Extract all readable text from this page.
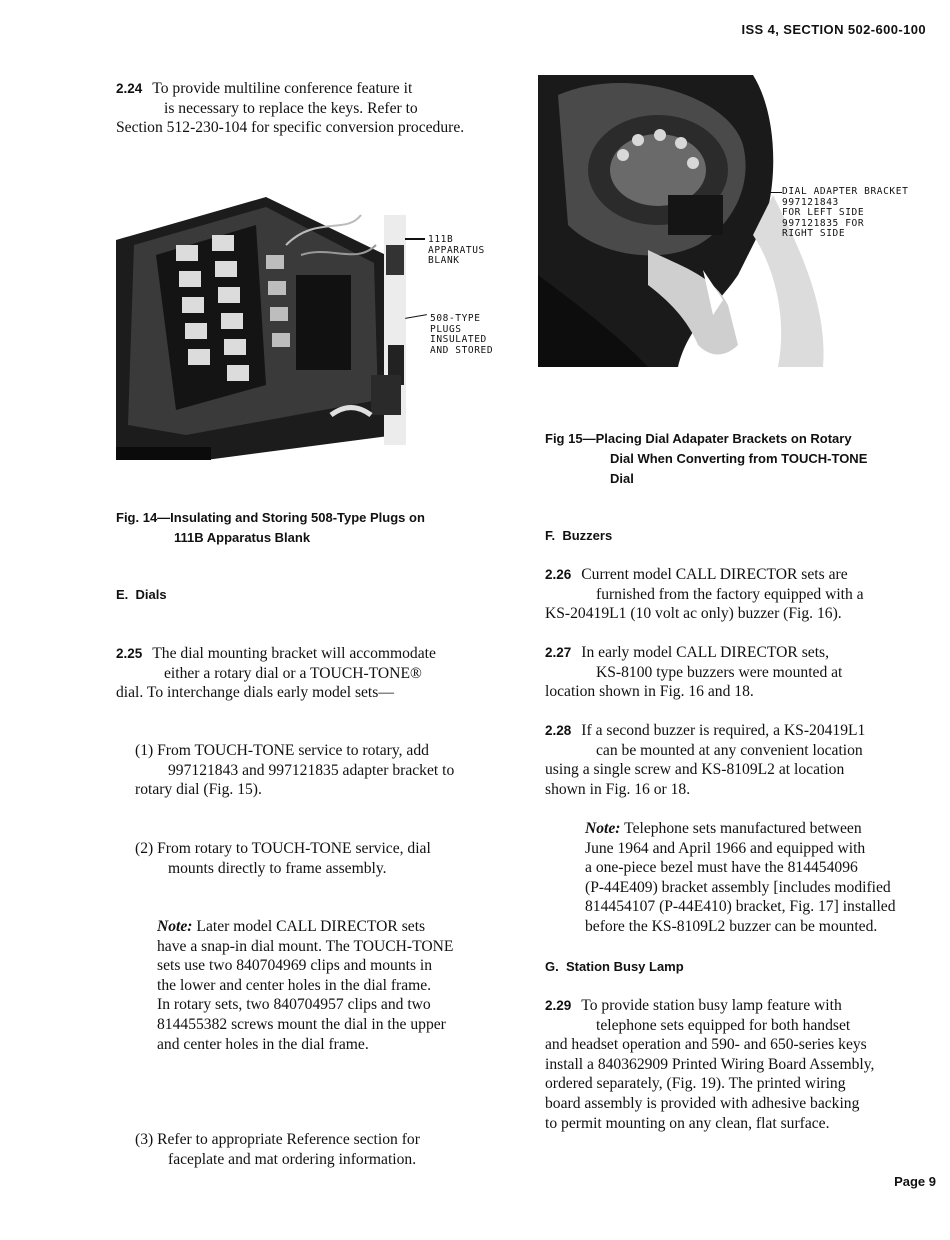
ISS 4, SECTION 502-600-100
2.24 To provide multiline conference feature it
is necessary to replace the keys. Refer to
Section 512-230-104 for specific conversion procedure.
111B
APPARATUS
BLANK
508-TYPE
PLUGS
INSULATED
AND STORED
Fig. 14—Insulating and Storing 508-Type Plugs on
111B Apparatus Blank
E.  Dials
2.25 The dial mounting bracket will accommodate
either a rotary dial or a TOUCH-TONE®
dial. To interchange dials early model sets—
(1) From TOUCH-TONE service to rotary, add
997121843 and 997121835 adapter bracket to
rotary dial (Fig. 15).
(2) From rotary to TOUCH-TONE service, dial
mounts directly to frame assembly.
Note: Later model CALL DIRECTOR sets
have a snap-in dial mount. The TOUCH-TONE
sets use two 840704969 clips and mounts in
the lower and center holes in the dial frame.
In rotary sets, two 840704957 clips and two
814455382 screws mount the dial in the upper
and center holes in the dial frame.
(3) Refer to appropriate Reference section for
faceplate and mat ordering information.
DIAL ADAPTER BRACKET
997121843
FOR LEFT SIDE
997121835 FOR
RIGHT SIDE
Fig 15—Placing Dial Adapater Brackets on Rotary
Dial When Converting from TOUCH-TONE
Dial
F.  Buzzers
2.26 Current model CALL DIRECTOR sets are
furnished from the factory equipped with a
KS-20419L1 (10 volt ac only) buzzer (Fig. 16).
2.27 In early model CALL DIRECTOR sets,
KS-8100 type buzzers were mounted at
location shown in Fig. 16 and 18.
2.28 If a second buzzer is required, a KS-20419L1
can be mounted at any convenient location
using a single screw and KS-8109L2 at location
shown in Fig. 16 or 18.
Note: Telephone sets manufactured between
June 1964 and April 1966 and equipped with
a one-piece bezel must have the 814454096
(P-44E409) bracket assembly [includes modified
814454107 (P-44E410) bracket, Fig. 17] installed
before the KS-8109L2 buzzer can be mounted.
G.  Station Busy Lamp
2.29 To provide station busy lamp feature with
telephone sets equipped for both handset
and headset operation and 590- and 650-series keys
install a 840362909 Printed Wiring Board Assembly,
ordered separately, (Fig. 19). The printed wiring
board assembly is provided with adhesive backing
to permit mounting on any clean, flat surface.
Page 9
